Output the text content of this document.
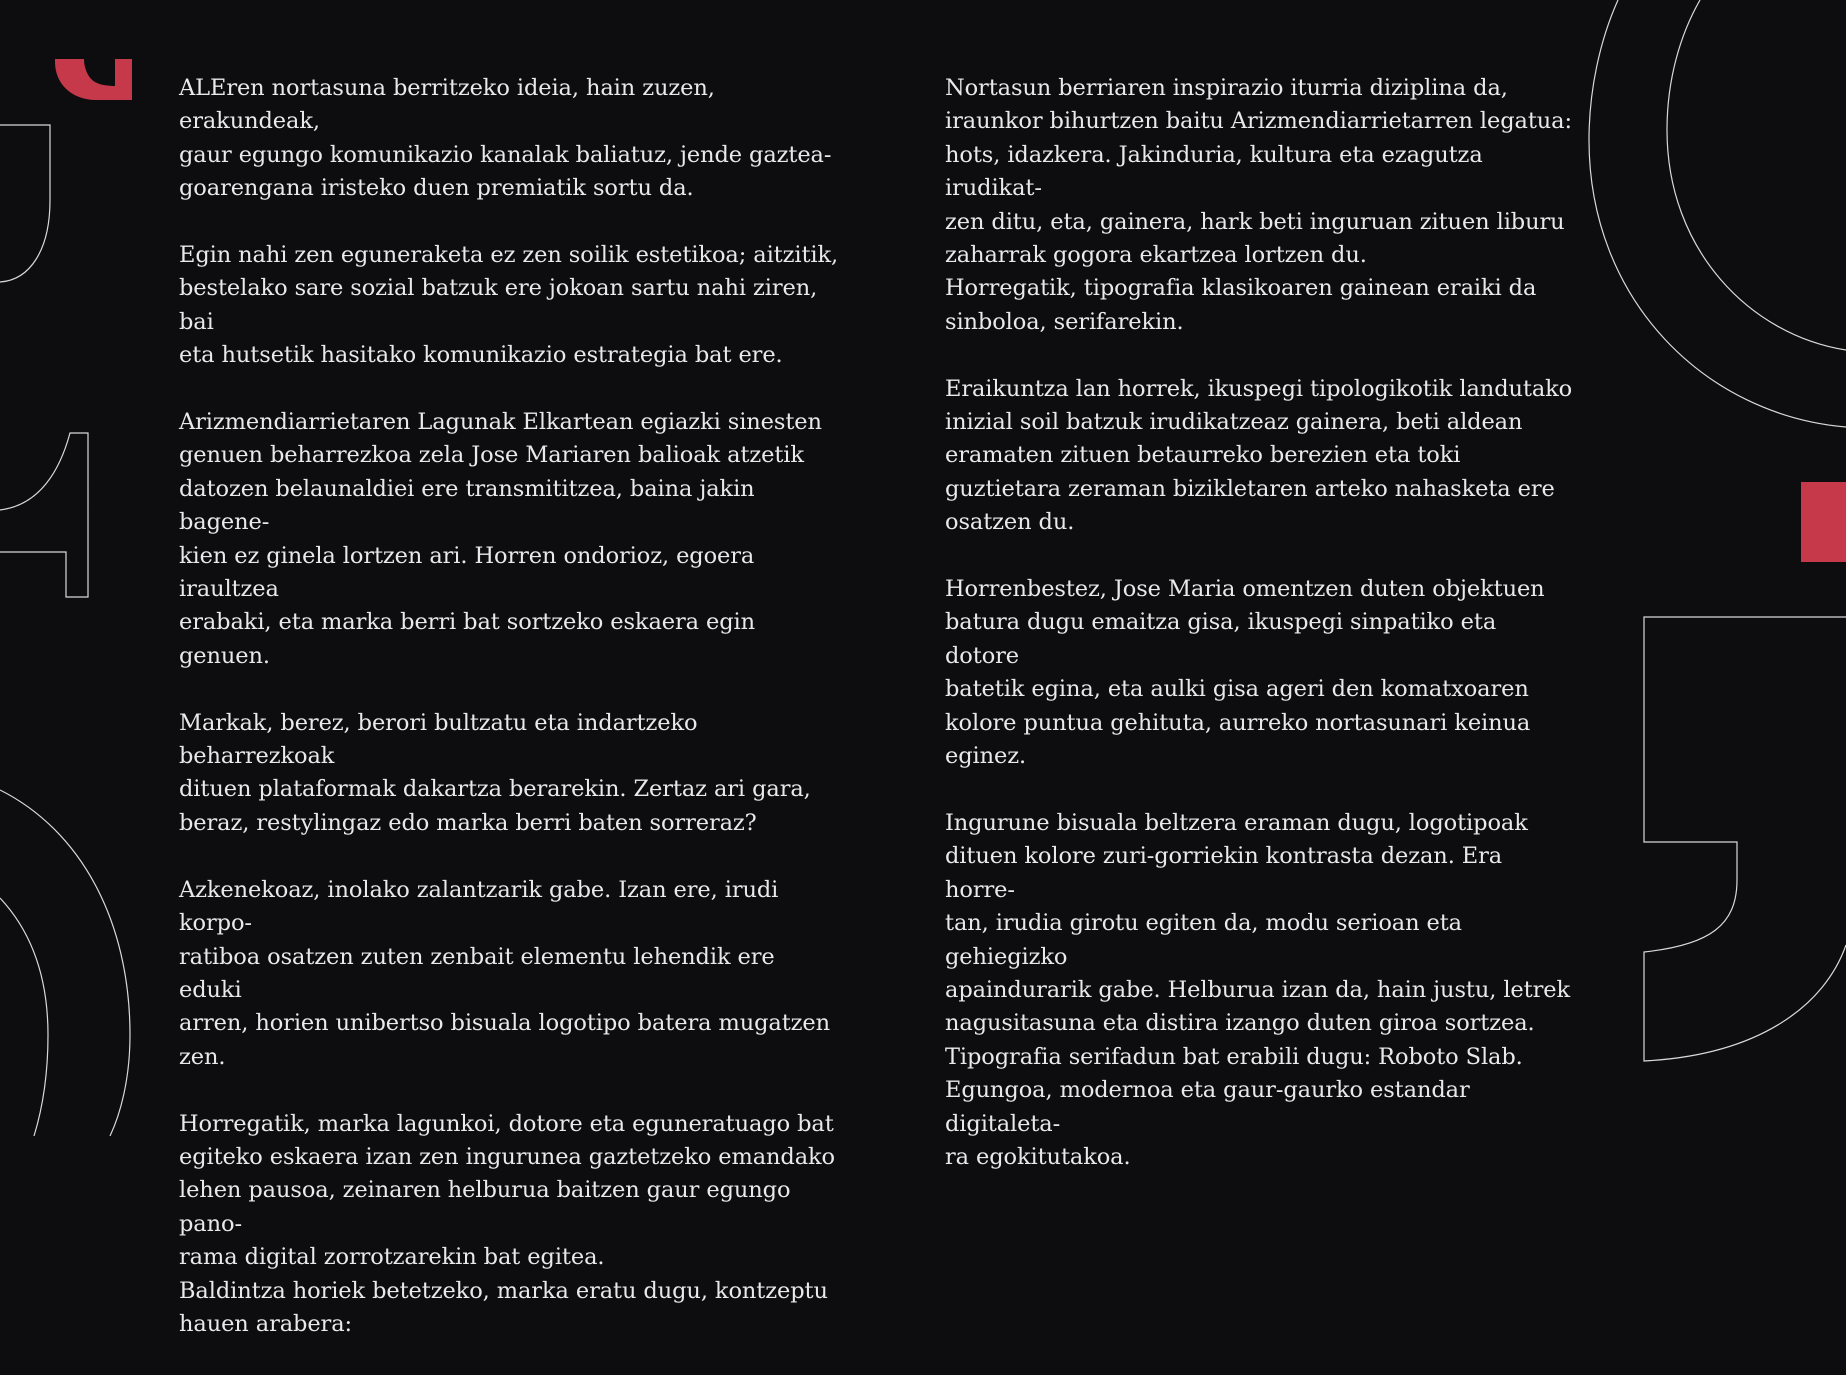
ALEren nortasuna berritzeko ideia, hain zuzen, erakundeak,
gaur egungo komunikazio kanalak baliatuz, jende gaztea-
goarengana iristeko duen premiatik sortu da.

Egin nahi zen eguneraketa ez zen soilik estetikoa; aitzitik,
bestelako sare sozial batzuk ere jokoan sartu nahi ziren, bai
eta hutsetik hasitako komunikazio estrategia bat ere.

Arizmendiarrietaren Lagunak Elkartean egiazki sinesten
genuen beharrezkoa zela Jose Mariaren balioak atzetik
datozen belaunaldiei ere transmititzea, baina jakin bagene-
kien ez ginela lortzen ari. Horren ondorioz, egoera iraultzea
erabaki, eta marka berri bat sortzeko eskaera egin genuen.

Markak, berez, berori bultzatu eta indartzeko beharrezkoak
dituen plataformak dakartza berarekin. Zertaz ari gara,
beraz, restylingaz edo marka berri baten sorreraz?

Azkenekoaz, inolako zalantzarik gabe. Izan ere, irudi korpo-
ratiboa osatzen zuten zenbait elementu lehendik ere eduki
arren, horien unibertso bisuala logotipo batera mugatzen
zen.

Horregatik, marka lagunkoi, dotore eta eguneratuago bat
egiteko eskaera izan zen ingurunea gaztetzeko emandako
lehen pausoa, zeinaren helburua baitzen gaur egungo pano-
rama digital zorrotzarekin bat egitea.
Baldintza horiek betetzeko, marka eratu dugu, kontzeptu
hauen arabera:

Nortasun berriaren inspirazio iturria diziplina da,
iraunkor bihurtzen baitu Arizmendiarrietarren legatua:
hots, idazkera. Jakinduria, kultura eta ezagutza irudikat-
zen ditu, eta, gainera, hark beti inguruan zituen liburu
zaharrak gogora ekartzea lortzen du.
Horregatik, tipografia klasikoaren gainean eraiki da
sinboloa, serifarekin.

Eraikuntza lan horrek, ikuspegi tipologikotik landutako
inizial soil batzuk irudikatzeaz gainera, beti aldean
eramaten zituen betaurreko berezien eta toki
guztietara zeraman bizikletaren arteko nahasketa ere
osatzen du.

Horrenbestez, Jose Maria omentzen duten objektuen
batura dugu emaitza gisa, ikuspegi sinpatiko eta dotore
batetik egina, eta aulki gisa ageri den komatxoaren
kolore puntua gehituta, aurreko nortasunari keinua
eginez.

Ingurune bisuala beltzera eraman dugu, logotipoak
dituen kolore zuri-gorriekin kontrasta dezan. Era horre-
tan, irudia girotu egiten da, modu serioan eta gehiegizko
apaindurarik gabe. Helburua izan da, hain justu, letrek
nagusitasuna eta distira izango duten giroa sortzea.
Tipografia serifadun bat erabili dugu: Roboto Slab.
Egungoa, modernoa eta gaur-gaurko estandar digitaleta-
ra egokitutakoa.
